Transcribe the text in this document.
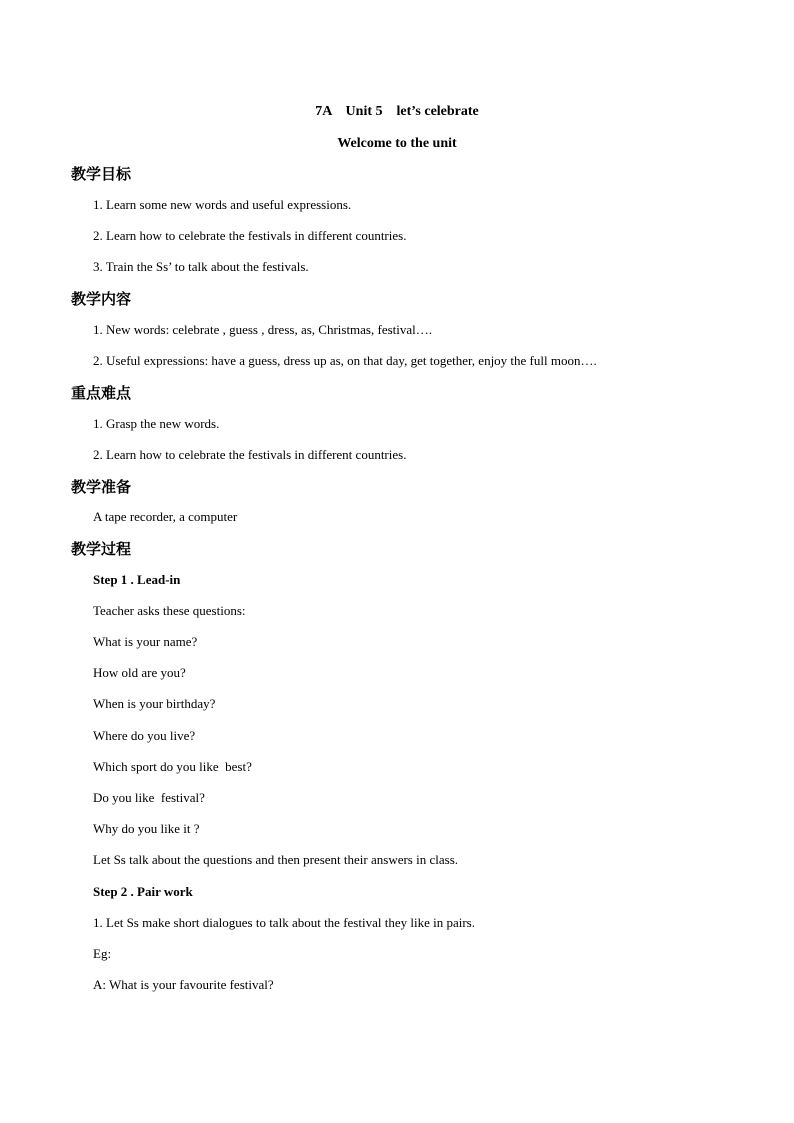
7A    Unit 5    let’s celebrate
Welcome to the unit
教学目标
1. Learn some new words and useful expressions.
2. Learn how to celebrate the festivals in different countries.
3. Train the Ss’ to talk about the festivals.
教学内容
1. New words: celebrate , guess , dress, as, Christmas, festival….
2. Useful expressions: have a guess, dress up as, on that day, get together, enjoy the full moon….
重点难点
1. Grasp the new words.
2. Learn how to celebrate the festivals in different countries.
教学准备
A tape recorder, a computer
教学过程
Step 1 . Lead-in
Teacher asks these questions:
What is your name?
How old are you?
When is your birthday?
Where do you live?
Which sport do you like  best?
Do you like  festival?
Why do you like it ?
Let Ss talk about the questions and then present their answers in class.
Step 2 . Pair work
1. Let Ss make short dialogues to talk about the festival they like in pairs.
Eg:
A: What is your favourite festival?
